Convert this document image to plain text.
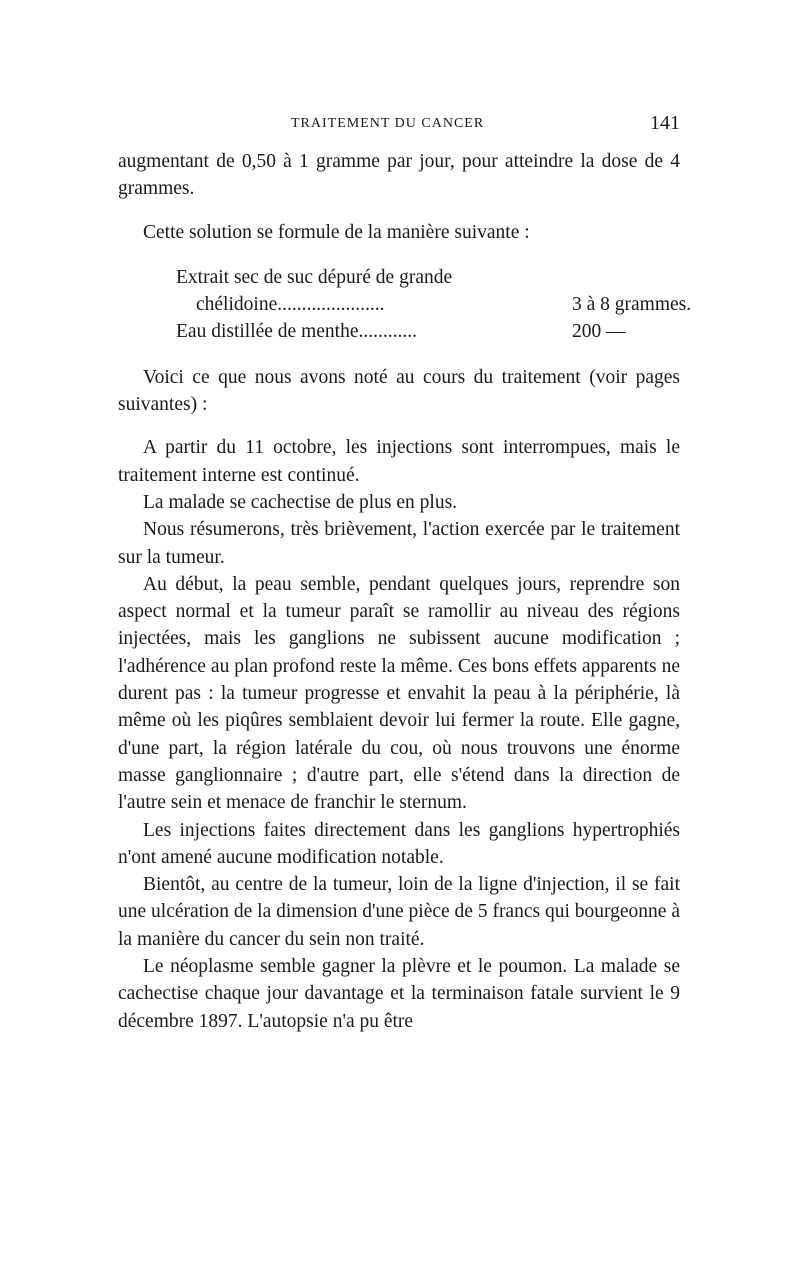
TRAITEMENT DU CANCER	141

augmentant de 0,50 à 1 gramme par jour, pour atteindre la dose de 4 grammes.

Cette solution se formule de la manière suivante :

Extrait sec de suc dépuré de grande
chélidoine......................	3 à 8 grammes.
Eau distillée de menthe............	200 —

Voici ce que nous avons noté au cours du traitement (voir pages suivantes) :

A partir du 11 octobre, les injections sont interrompues, mais le traitement interne est continué.

La malade se cachectise de plus en plus.

Nous résumerons, très brièvement, l'action exercée par le traitement sur la tumeur.

Au début, la peau semble, pendant quelques jours, reprendre son aspect normal et la tumeur paraît se ramollir au niveau des régions injectées, mais les ganglions ne subissent aucune modification ; l'adhérence au plan profond reste la même. Ces bons effets apparents ne durent pas : la tumeur progresse et envahit la peau à la périphérie, là même où les piqûres semblaient devoir lui fermer la route. Elle gagne, d'une part, la région latérale du cou, où nous trouvons une énorme masse ganglionnaire ; d'autre part, elle s'étend dans la direction de l'autre sein et menace de franchir le sternum.

Les injections faites directement dans les ganglions hypertrophiés n'ont amené aucune modification notable.

Bientôt, au centre de la tumeur, loin de la ligne d'injection, il se fait une ulcération de la dimension d'une pièce de 5 francs qui bourgeonne à la manière du cancer du sein non traité.

Le néoplasme semble gagner la plèvre et le poumon. La malade se cachectise chaque jour davantage et la terminaison fatale survient le 9 décembre 1897. L'autopsie n'a pu être
